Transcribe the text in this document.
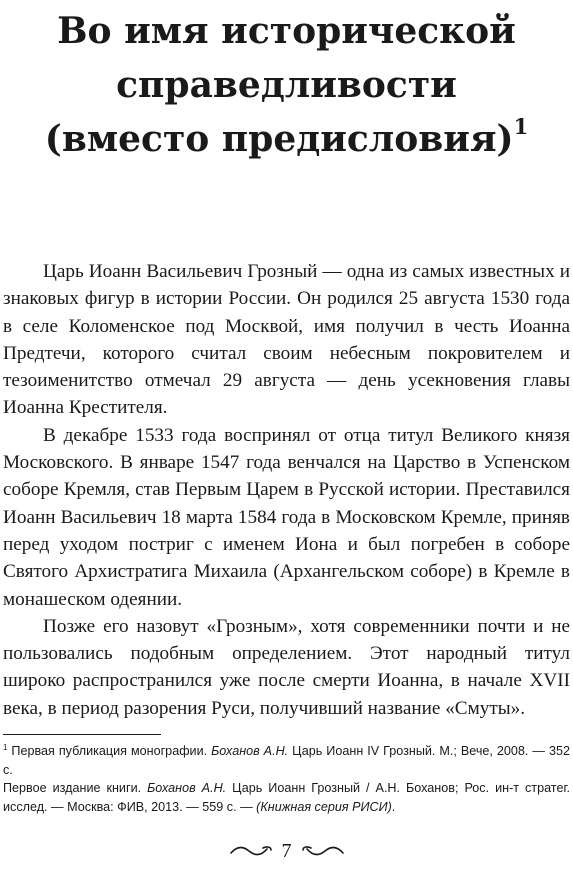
Во имя исторической
справедливости
(вместо предисловия)$^1$

Царь Иоанн Васильевич Грозный — одна из самых известных и знаковых фигур в истории России. Он родился 25 августа 1530 года в селе Коломенское под Москвой, имя получил в честь Иоанна Предтечи, которого считал своим небесным покровителем и тезоименитство отмечал 29 августа — день усекновения главы Иоанна Крестителя.

В декабре 1533 года воспринял от отца титул Великого князя Московского. В январе 1547 года венчался на Царство в Успенском соборе Кремля, став Первым Царем в Русской истории. Преставился Иоанн Васильевич 18 марта 1584 года в Московском Кремле, приняв перед уходом постриг с именем Иона и был погребен в соборе Святого Архистратига Михаила (Архангельском соборе) в Кремле в монашеском одеянии.

Позже его назовут «Грозным», хотя современники почти и не пользовались подобным определением. Этот народный титул широко распространился уже после смерти Иоанна, в начале XVII века, в период разорения Руси, получивший название «Смуты».

$^1$ Первая публикация монографии. Боханов А.Н. Царь Иоанн IV Грозный. М.; Вече, 2008. — 352 с.

Первое издание книги. Боханов А.Н. Царь Иоанн Грозный / А.Н. Боханов; Рос. ин-т стратег. исслед. — Москва: ФИВ, 2013. — 559 с. — (Книжная серия РИСИ).

7
